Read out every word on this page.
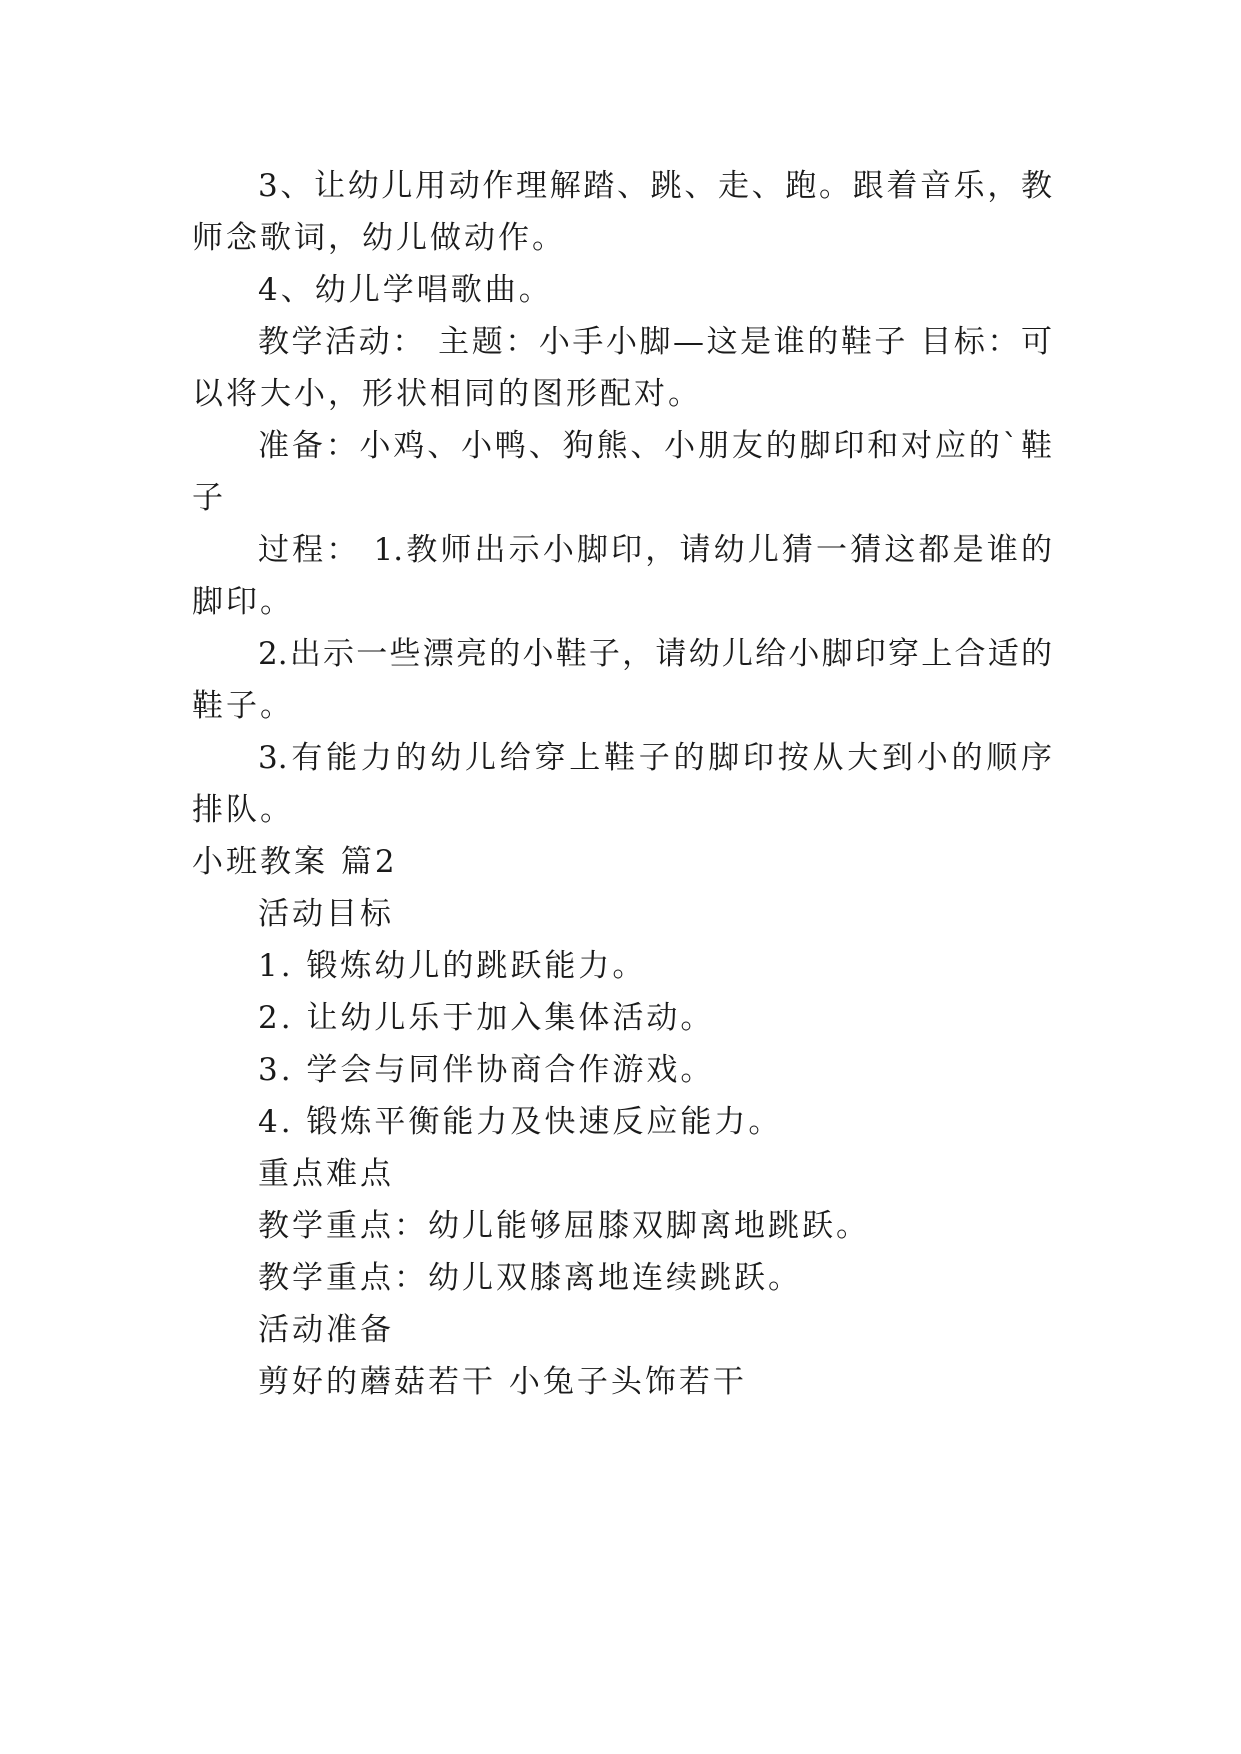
3、让幼儿用动作理解踏、跳、走、跑。跟着音乐，教
师念歌词，幼儿做动作。
4、幼儿学唱歌曲。
教学活动： 主题：小手小脚—这是谁的鞋子 目标：可
以将大小，形状相同的图形配对。
准备：小鸡、小鸭、狗熊、小朋友的脚印和对应的`鞋
子
过程： 1.教师出示小脚印，请幼儿猜一猜这都是谁的
脚印。
2.出示一些漂亮的小鞋子，请幼儿给小脚印穿上合适的
鞋子。
3.有能力的幼儿给穿上鞋子的脚印按从大到小的顺序
排队。
小班教案 篇2
活动目标
1. 锻炼幼儿的跳跃能力。
2. 让幼儿乐于加入集体活动。
3. 学会与同伴协商合作游戏。
4. 锻炼平衡能力及快速反应能力。
重点难点
教学重点：幼儿能够屈膝双脚离地跳跃。
教学重点：幼儿双膝离地连续跳跃。
活动准备
剪好的蘑菇若干 小兔子头饰若干
